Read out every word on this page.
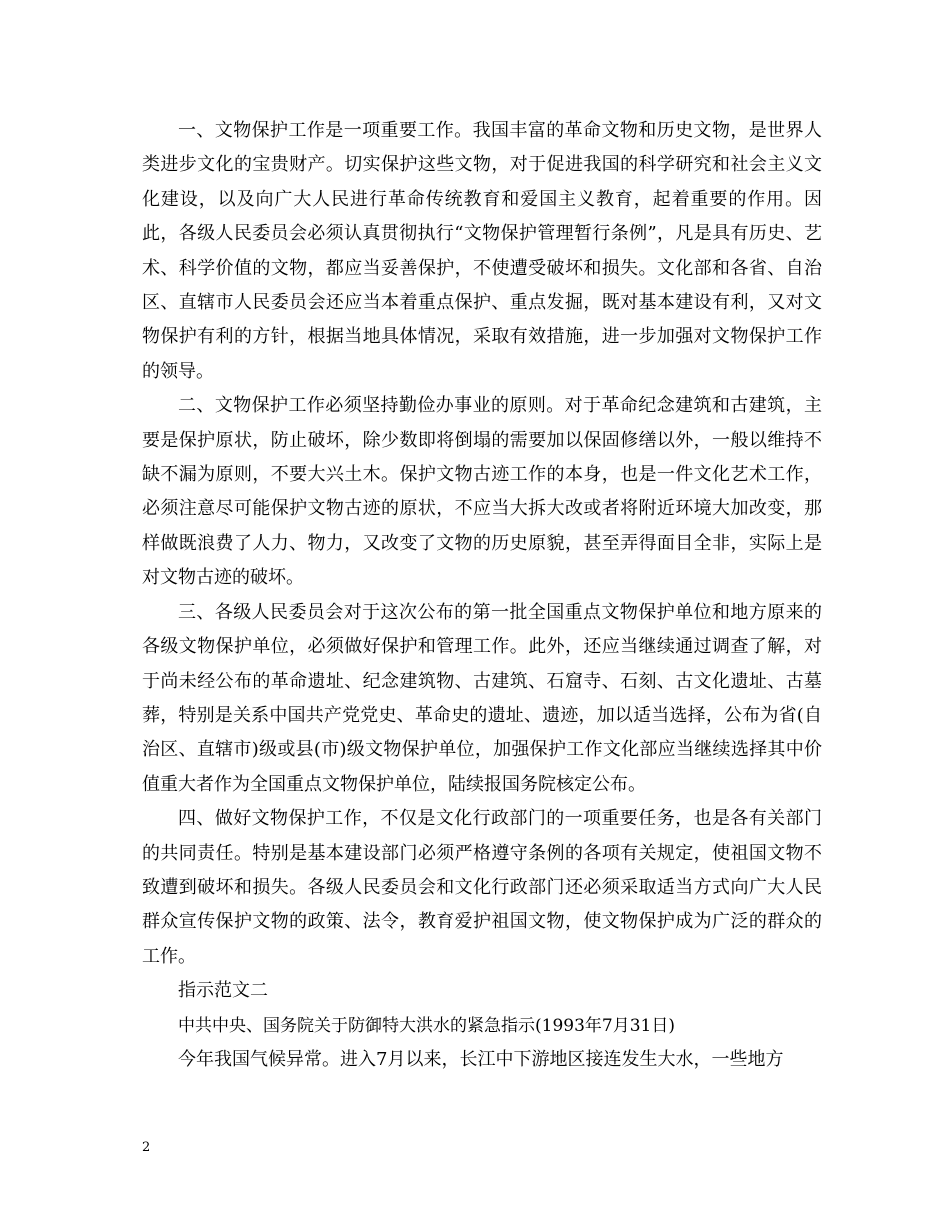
一、文物保护工作是一项重要工作。我国丰富的革命文物和历史文物，是世界人类进步文化的宝贵财产。切实保护这些文物，对于促进我国的科学研究和社会主义文化建设，以及向广大人民进行革命传统教育和爱国主义教育，起着重要的作用。因此，各级人民委员会必须认真贯彻执行“文物保护管理暂行条例”，凡是具有历史、艺术、科学价值的文物，都应当妥善保护，不使遭受破坏和损失。文化部和各省、自治区、直辖市人民委员会还应当本着重点保护、重点发掘，既对基本建设有利，又对文物保护有利的方针，根据当地具体情况，采取有效措施，进一步加强对文物保护工作的领导。

二、文物保护工作必须坚持勤俭办事业的原则。对于革命纪念建筑和古建筑，主要是保护原状，防止破坏，除少数即将倒塌的需要加以保固修缮以外，一般以维持不缺不漏为原则，不要大兴土木。保护文物古迹工作的本身，也是一件文化艺术工作，必须注意尽可能保护文物古迹的原状，不应当大拆大改或者将附近环境大加改变，那样做既浪费了人力、物力，又改变了文物的历史原貌，甚至弄得面目全非，实际上是对文物古迹的破坏。

三、各级人民委员会对于这次公布的第一批全国重点文物保护单位和地方原来的各级文物保护单位，必须做好保护和管理工作。此外，还应当继续通过调查了解，对于尚未经公布的革命遗址、纪念建筑物、古建筑、石窟寺、石刻、古文化遗址、古墓葬，特别是关系中国共产党党史、革命史的遗址、遗迹，加以适当选择，公布为省(自治区、直辖市)级或县(市)级文物保护单位，加强保护工作文化部应当继续选择其中价值重大者作为全国重点文物保护单位，陆续报国务院核定公布。

四、做好文物保护工作，不仅是文化行政部门的一项重要任务，也是各有关部门的共同责任。特别是基本建设部门必须严格遵守条例的各项有关规定，使祖国文物不致遭到破坏和损失。各级人民委员会和文化行政部门还必须采取适当方式向广大人民群众宣传保护文物的政策、法令，教育爱护祖国文物，使文物保护成为广泛的群众的工作。

指示范文二

中共中央、国务院关于防御特大洪水的紧急指示(1993年7月31日)

今年我国气候异常。进入7月以来，长江中下游地区接连发生大水，一些地方

2
